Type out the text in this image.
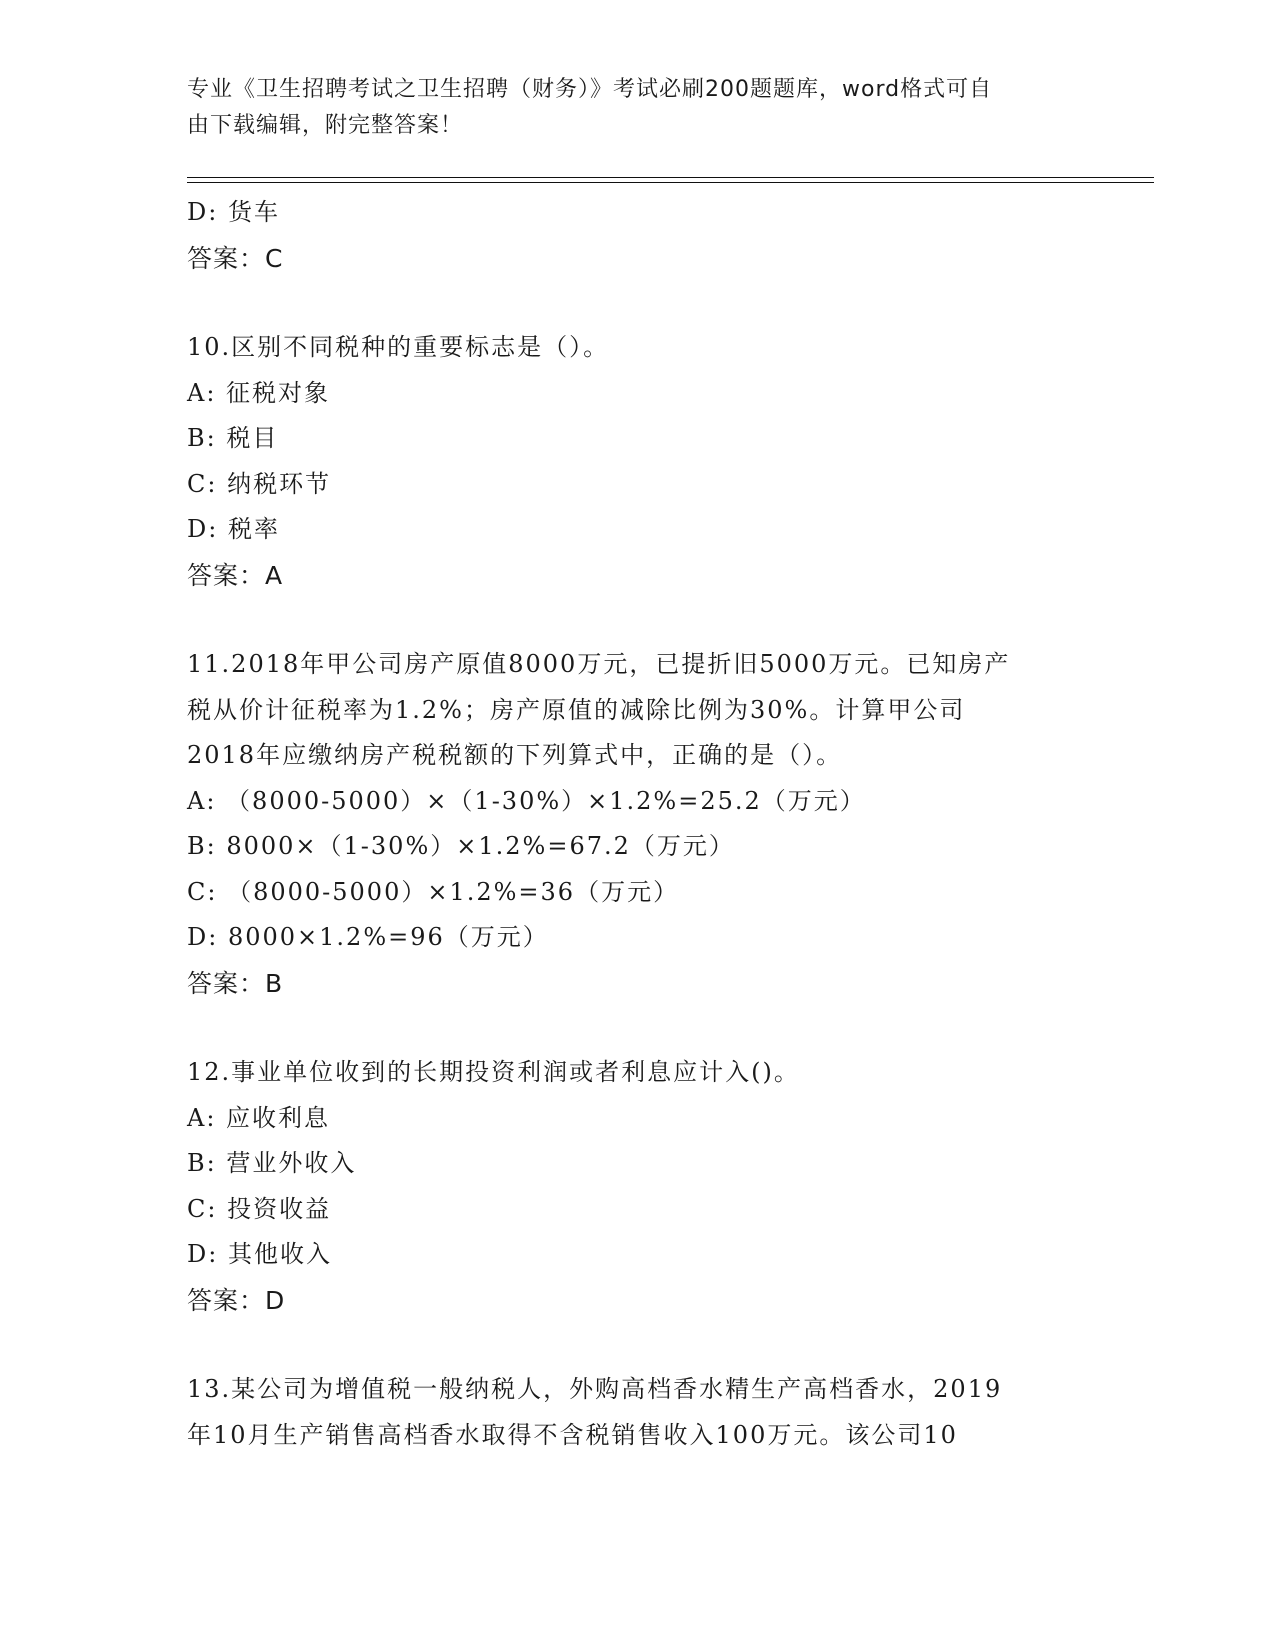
专业《卫生招聘考试之卫生招聘（财务）》考试必刷200题题库，word格式可自
由下载编辑，附完整答案！
D: 货车
答案：C
10.区别不同税种的重要标志是（）。
A: 征税对象
B: 税目
C: 纳税环节
D: 税率
答案：A
11.2018年甲公司房产原值8000万元，已提折旧5000万元。已知房产
税从价计征税率为1.2%；房产原值的减除比例为30%。计算甲公司
2018年应缴纳房产税税额的下列算式中，正确的是（）。
A: （8000-5000）×（1-30%）×1.2%=25.2（万元）
B: 8000×（1-30%）×1.2%=67.2（万元）
C: （8000-5000）×1.2%=36（万元）
D: 8000×1.2%=96（万元）
答案：B
12.事业单位收到的长期投资利润或者利息应计入()。
A: 应收利息
B: 营业外收入
C: 投资收益
D: 其他收入
答案：D
13.某公司为增值税一般纳税人，外购高档香水精生产高档香水，2019
年10月生产销售高档香水取得不含税销售收入100万元。该公司10
